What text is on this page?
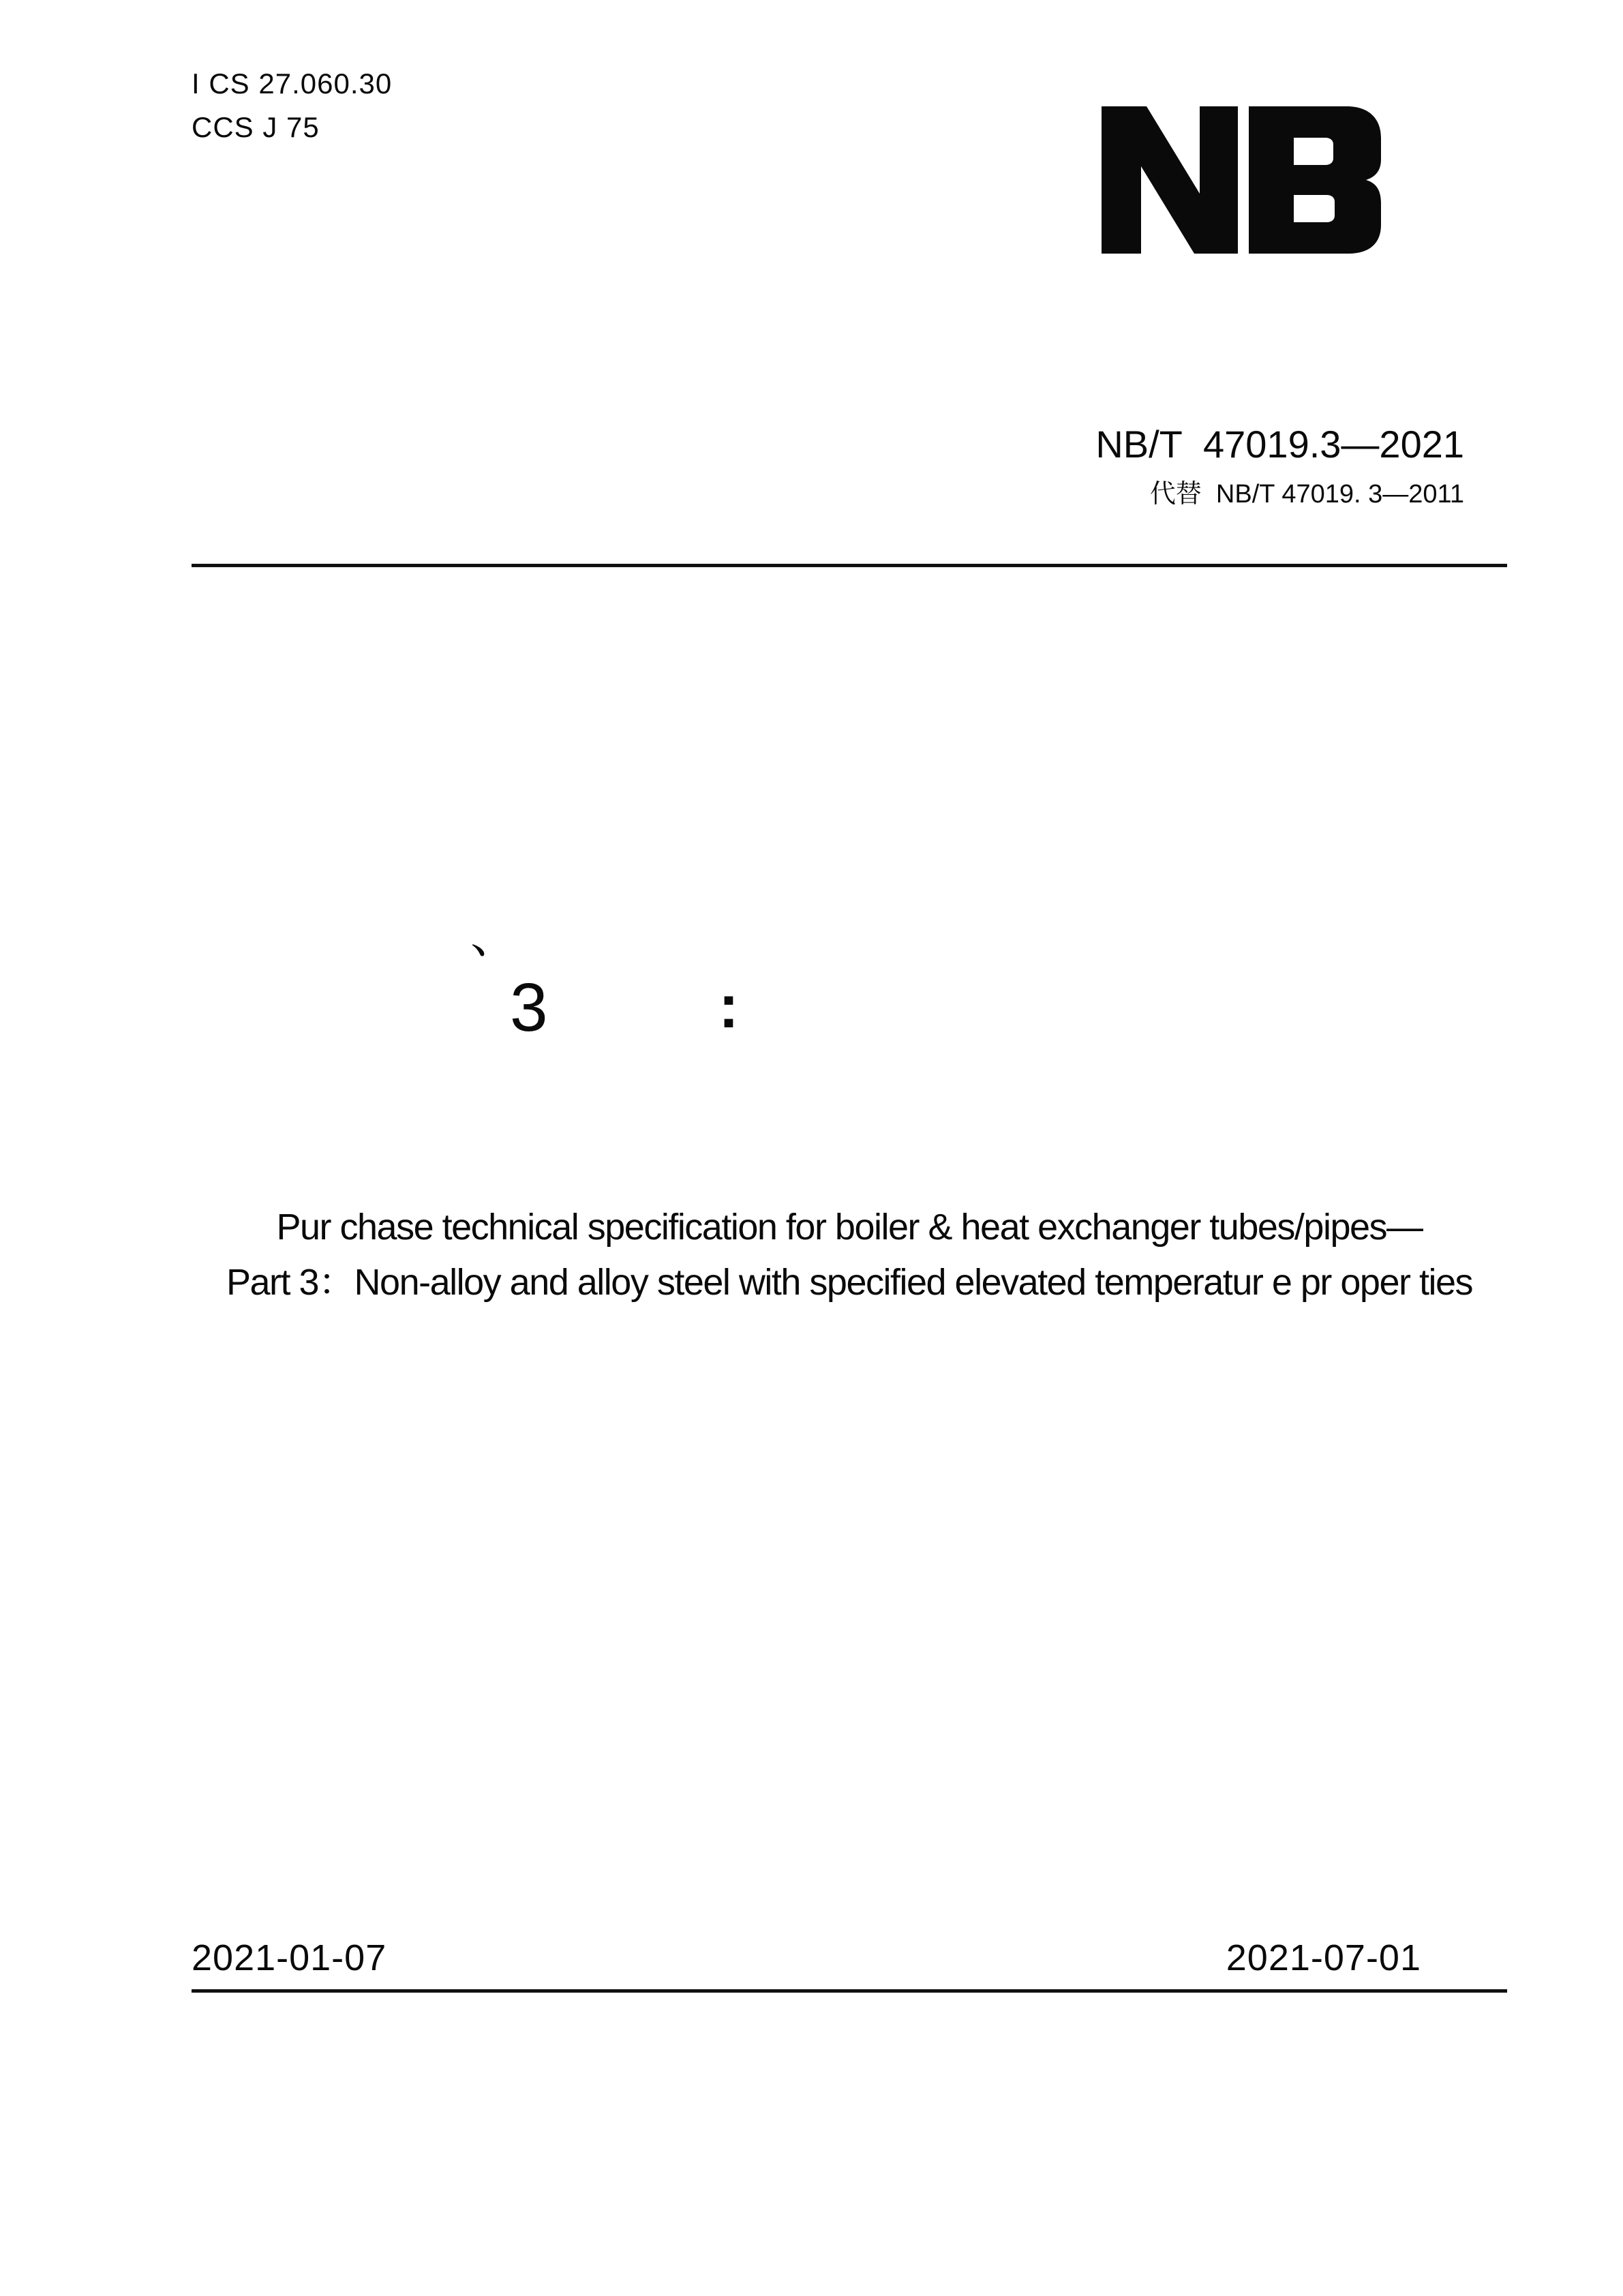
I CS 27.060.30
CCS J 75
NB/T  47019.3—2021
代替  NB/T 47019. 3—2011
、
3	:
Pur chase technical specification for boiler & heat exchanger tubes/pipes—
Part 3：Non-alloy and alloy steel with specified elevated temperatur e pr oper ties
2021-01-07	2021-07-01
